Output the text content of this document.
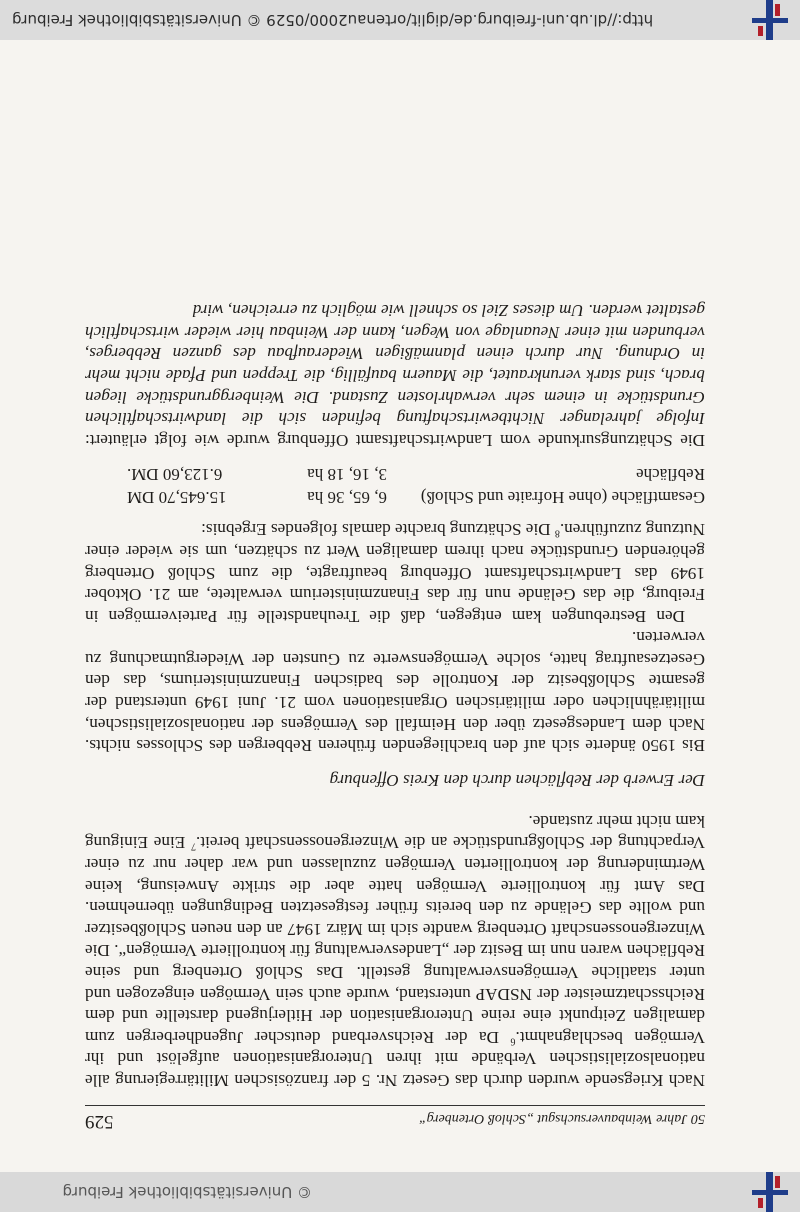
http://dl.ub.uni-freiburg.de/diglit/ortenau2000/0529 © Universitätsbibliothek Freiburg
50 Jahre Weinbauversuchsgut „Schloß Ortenberg“
529

Nach Kriegsende wurden durch das Gesetz Nr. 5 der französischen Militärregierung alle nationalsozialistischen Verbände mit ihren Unterorganisationen aufgelöst und ihr Vermögen beschlagnahmt.$^6$ Da der Reichsverband deutscher Jugendherbergen zum damaligen Zeitpunkt eine reine Unterorganisation der Hitlerjugend darstellte und dem Reichsschatzmeister der NSDAP unterstand, wurde auch sein Vermögen eingezogen und unter staatliche Vermögensverwaltung gestellt. Das Schloß Ortenberg und seine Rebflächen waren nun im Besitz der „Landesverwaltung für kontrollierte Vermögen“. Die Winzergenossenschaft Ortenberg wandte sich im März 1947 an den neuen Schloßbesitzer und wollte das Gelände zu den bereits früher festgesetzten Bedingungen übernehmen. Das Amt für kontrollierte Vermögen hatte aber die strikte Anweisung, keine Wertminderung der kontrollierten Vermögen zuzulassen und war daher nur zu einer Verpachtung der Schloßgrundstücke an die Winzergenossenschaft bereit.$^7$ Eine Einigung kam nicht mehr zustande.

Der Erwerb der Rebflächen durch den Kreis Offenburg

Bis 1950 änderte sich auf den brachliegenden früheren Rebbergen des Schlosses nichts. Nach dem Landesgesetz über den Heimfall des Vermögens der nationalsozialistischen, militärähnlichen oder militärischen Organisationen vom 21. Juni 1949 unterstand der gesamte Schloßbesitz der Kontrolle des badischen Finanzministeriums, das den Gesetzesauftrag hatte, solche Vermögenswerte zu Gunsten der Wiedergutmachung zu verwerten.

Den Bestrebungen kam entgegen, daß die Treuhandstelle für Parteivermögen in Freiburg, die das Gelände nun für das Finanzministerium verwaltete, am 21. Oktober 1949 das Landwirtschaftsamt Offenburg beauftragte, die zum Schloß Ortenberg gehörenden Grundstücke nach ihrem damaligen Wert zu schätzen, um sie wieder einer Nutzung zuzuführen.$^8$ Die Schätzung brachte damals folgendes Ergebnis:

Gesamtfläche (ohne Hofraite und Schloß)
6, 65, 36 ha
15.645,70 DM
Rebfläche
3, 16, 18 ha
6.123,60 DM.

Die Schätzungsurkunde vom Landwirtschaftsamt Offenburg wurde wie folgt erläutert: Infolge jahrelanger Nichtbewirtschaftung befinden sich die landwirtschaftlichen Grundstücke in einem sehr verwahrlosten Zustand. Die Weinberggrundstücke liegen brach, sind stark verunkrautet, die Mauern baufällig, die Treppen und Pfade nicht mehr in Ordnung. Nur durch einen planmäßigen Wiederaufbau des ganzen Rebberges, verbunden mit einer Neuanlage von Wegen, kann der Weinbau hier wieder wirtschaftlich gestaltet werden. Um dieses Ziel so schnell wie möglich zu erreichen, wird

© Universitätsbibliothek Freiburg
